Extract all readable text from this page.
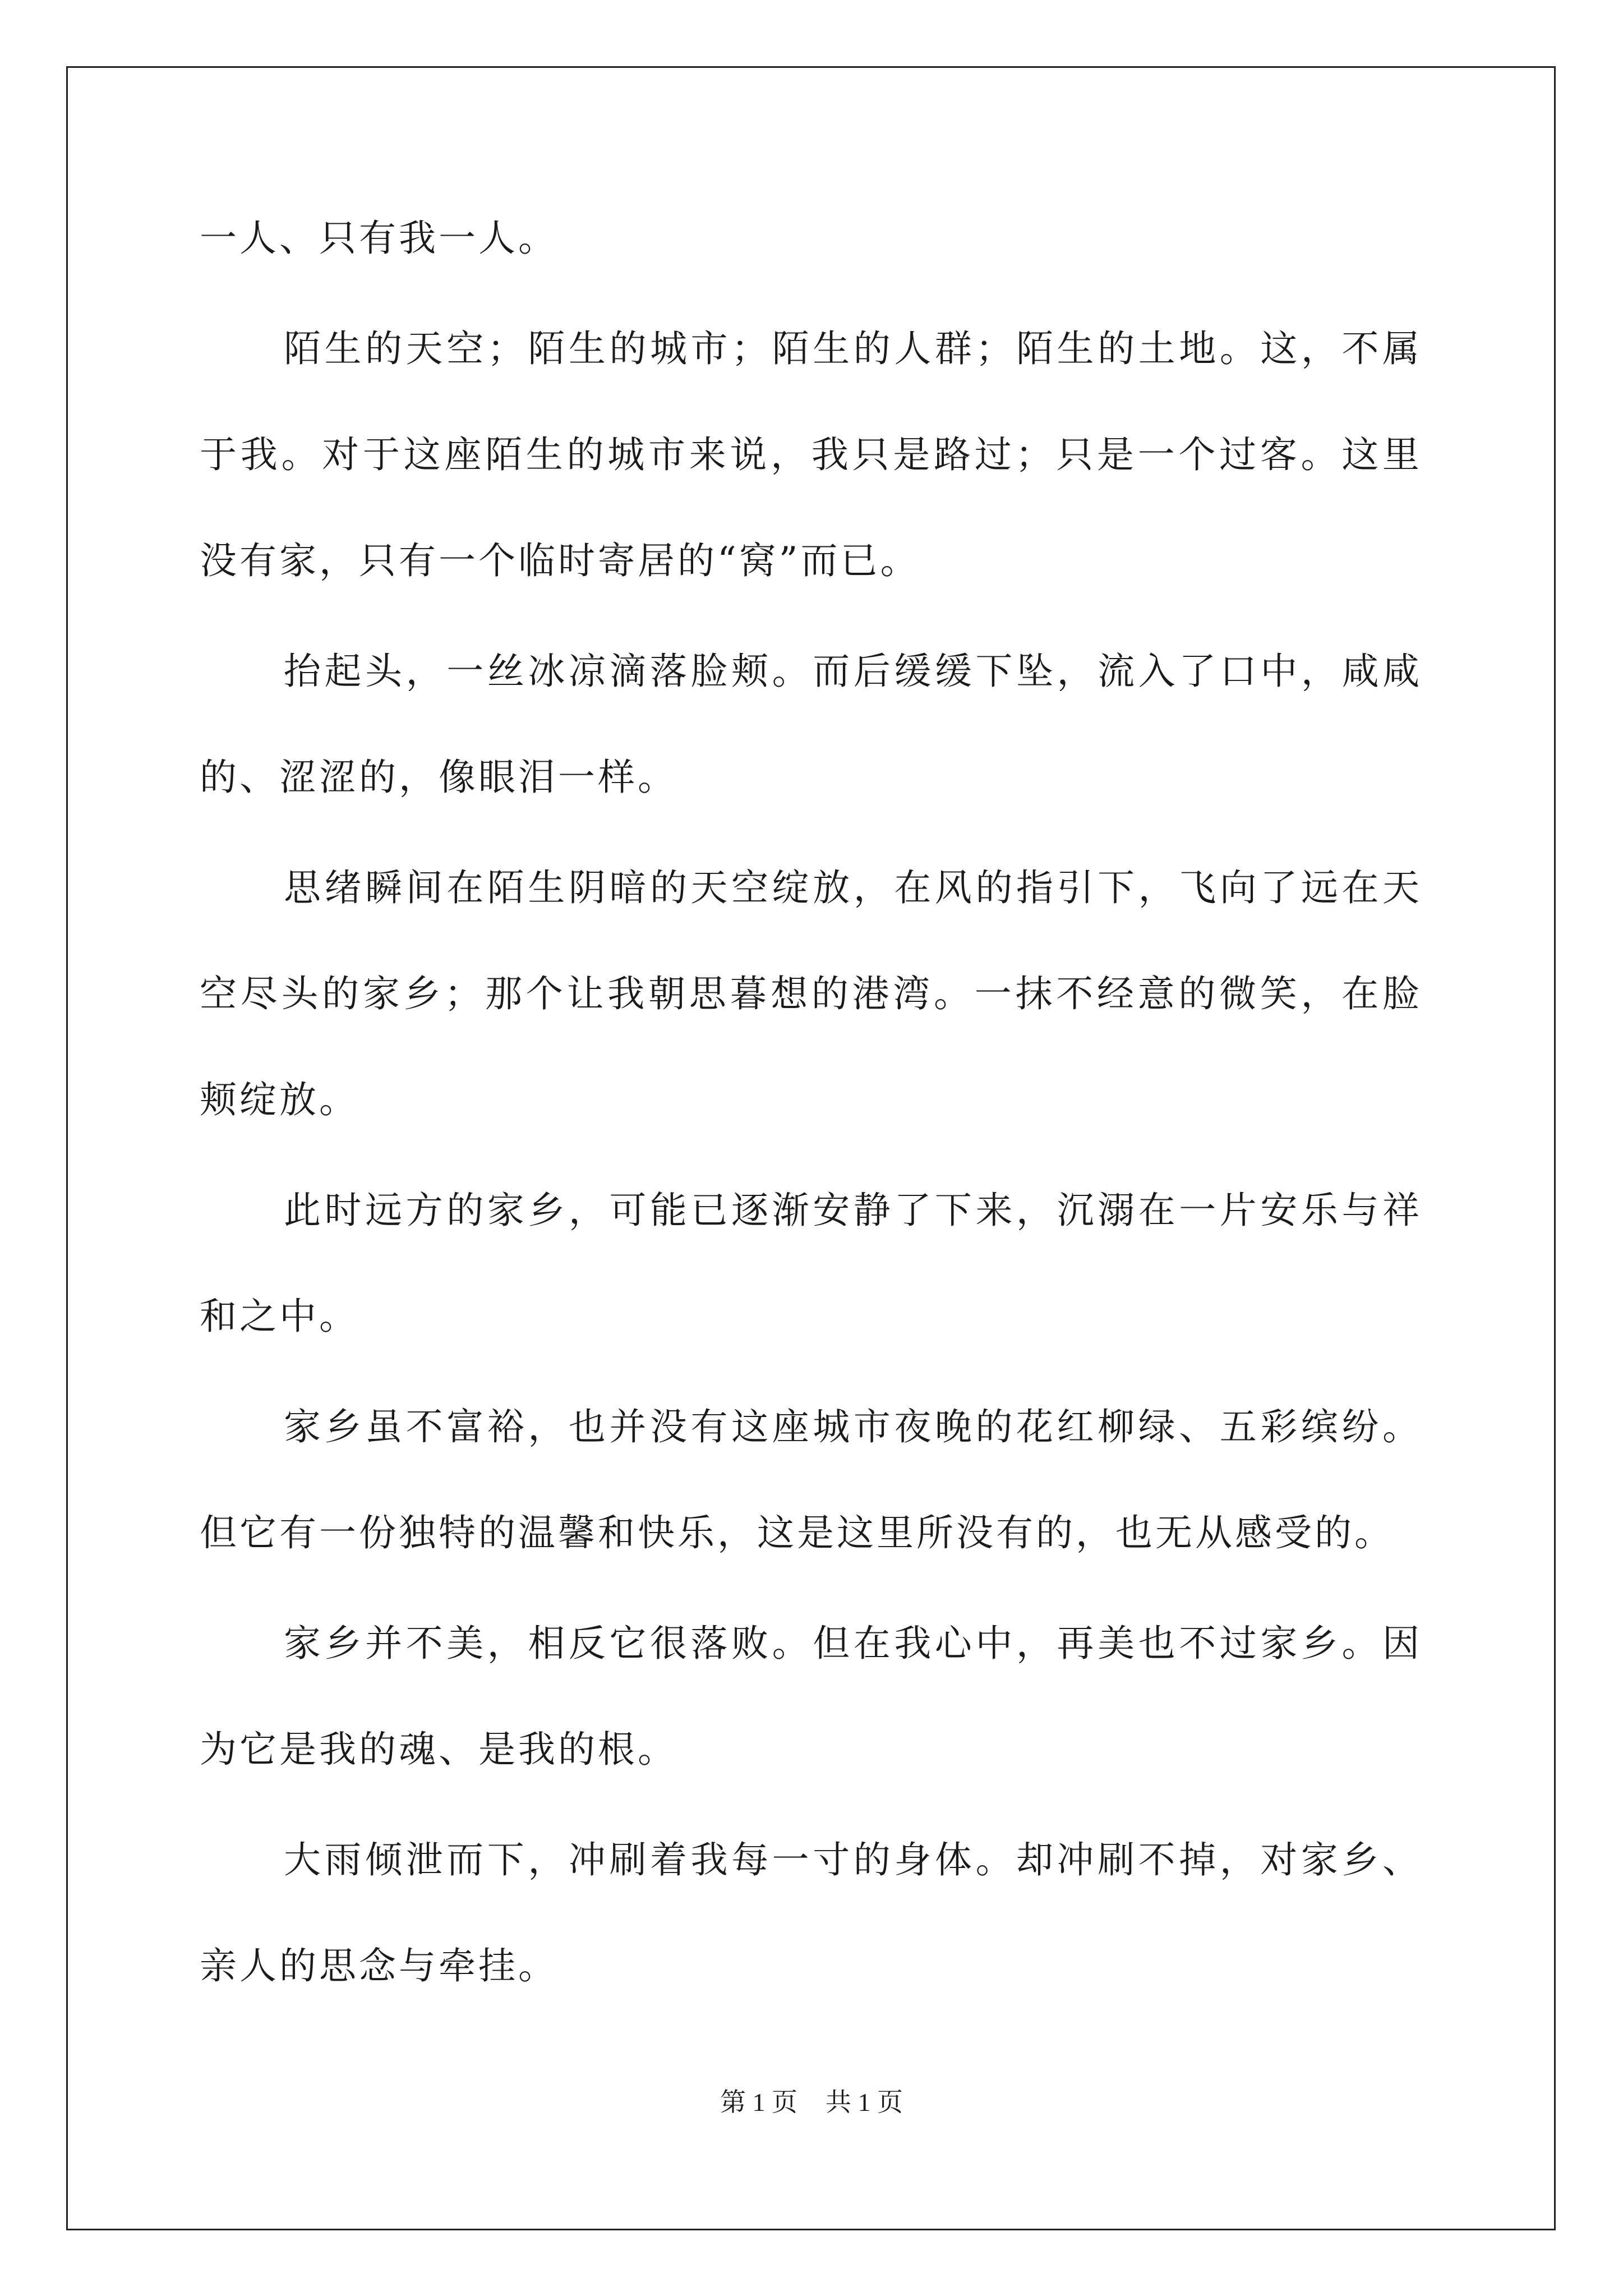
一人、只有我一人。

陌生的天空；陌生的城市；陌生的人群；陌生的土地。这，不属于我。对于这座陌生的城市来说，我只是路过；只是一个过客。这里没有家，只有一个临时寄居的“窝”而已。

抬起头，一丝冰凉滴落脸颊。而后缓缓下坠，流入了口中，咸咸的、涩涩的，像眼泪一样。

思绪瞬间在陌生阴暗的天空绽放，在风的指引下，飞向了远在天空尽头的家乡；那个让我朝思暮想的港湾。一抹不经意的微笑，在脸颊绽放。

此时远方的家乡，可能已逐渐安静了下来，沉溺在一片安乐与祥和之中。

家乡虽不富裕，也并没有这座城市夜晚的花红柳绿、五彩缤纷。但它有一份独特的温馨和快乐，这是这里所没有的，也无从感受的。

家乡并不美，相反它很落败。但在我心中，再美也不过家乡。因为它是我的魂、是我的根。

大雨倾泄而下，冲刷着我每一寸的身体。却冲刷不掉，对家乡、亲人的思念与牵挂。

第 1 页 共 1 页
